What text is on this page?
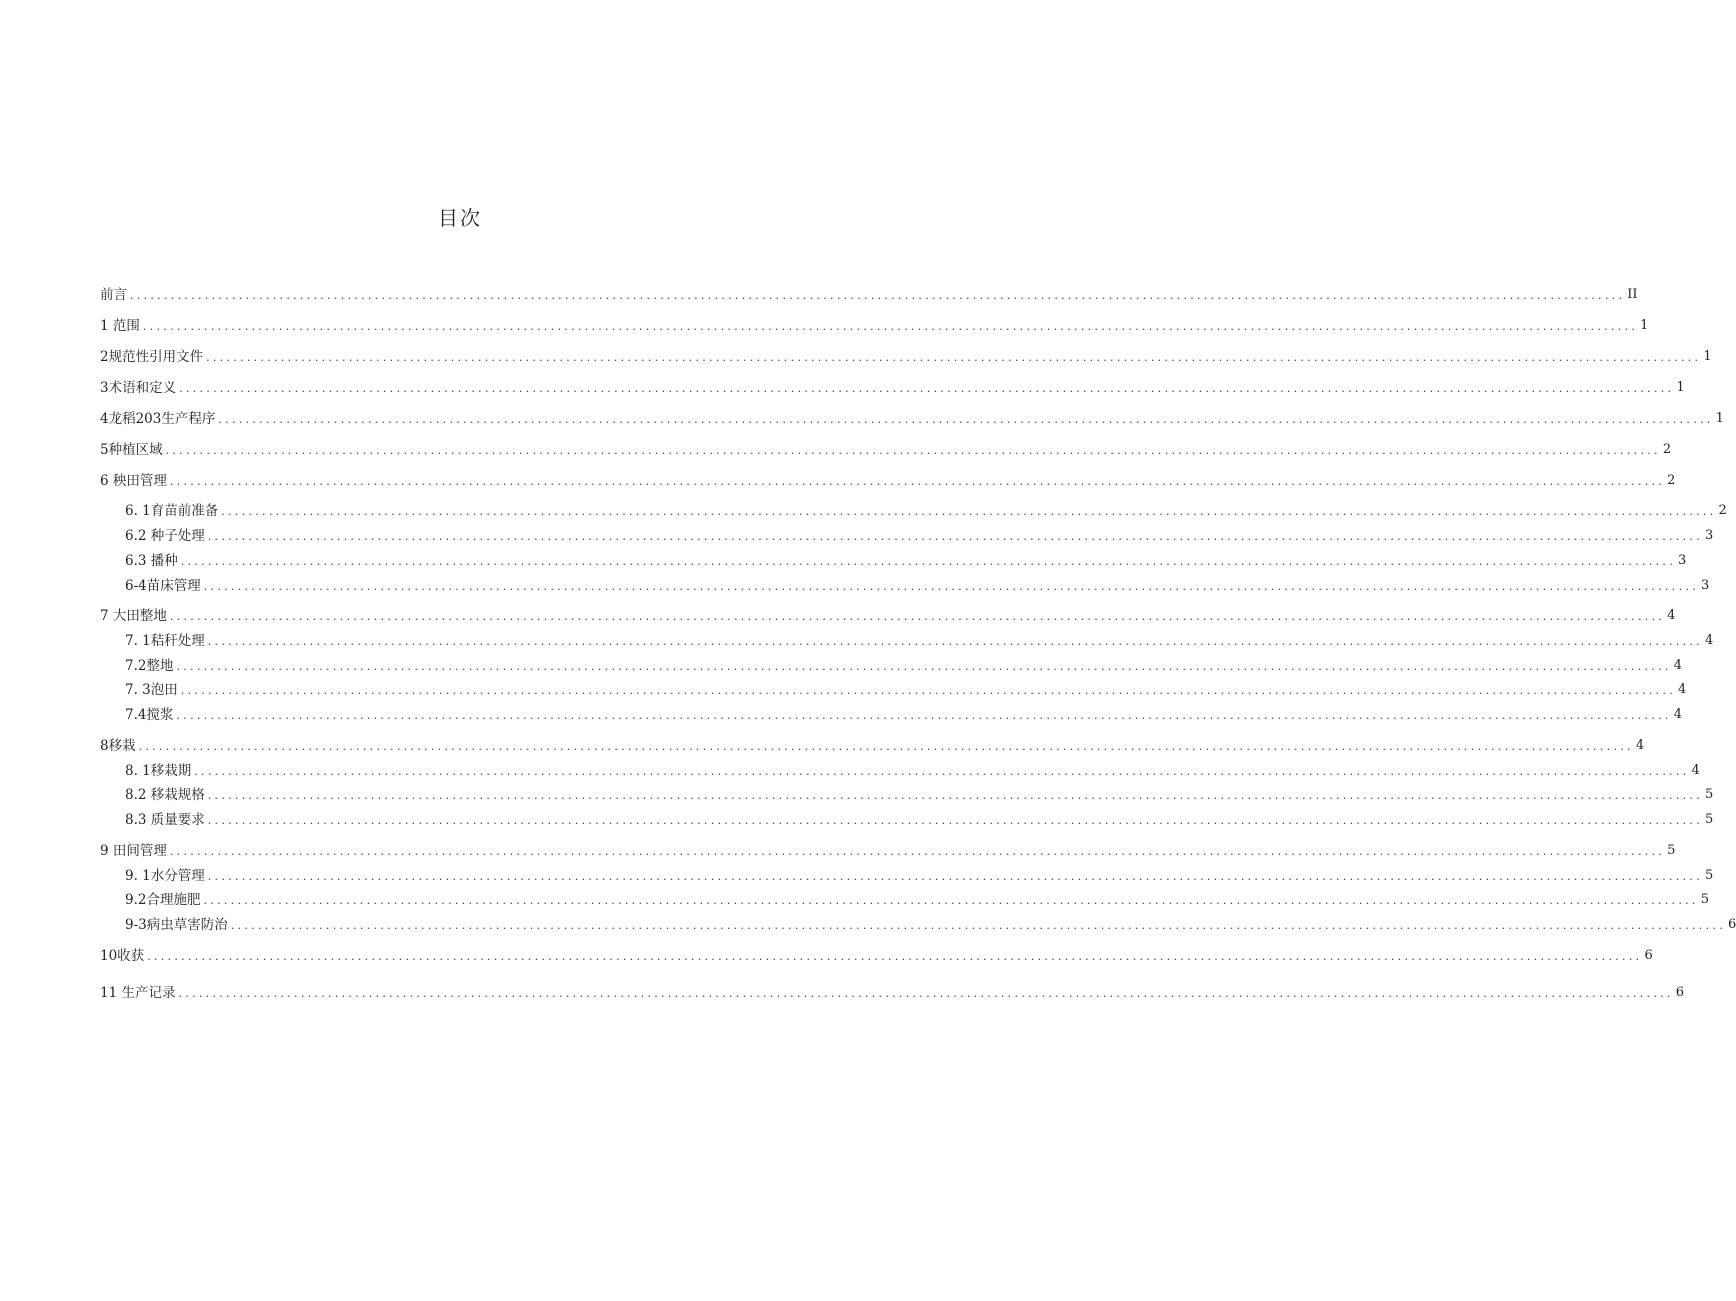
目次
前言 ............................................................................................................................................................................................................................ II
1 范围 ............................................................................................................................................................................................................................ 1
2规范性引用文件 ............................................................................................................................................................................................................................ 1
3术语和定义 ............................................................................................................................................................................................................................ 1
4龙稻203生产程序 ............................................................................................................................................................................................................................ 1
5种植区域 ............................................................................................................................................................................................................................ 2
6 秧田管理 ............................................................................................................................................................................................................................ 2
6. 1育苗前准备 ............................................................................................................................................................................................................................ 2
6.2 种子处理 ............................................................................................................................................................................................................................ 3
6.3 播种 ............................................................................................................................................................................................................................ 3
6-4苗床管理 ............................................................................................................................................................................................................................ 3
7 大田整地 ............................................................................................................................................................................................................................ 4
7. 1秸秆处理 ............................................................................................................................................................................................................................ 4
7.2整地 ............................................................................................................................................................................................................................ 4
7. 3泡田 ............................................................................................................................................................................................................................ 4
7.4搅浆 ............................................................................................................................................................................................................................ 4
8移栽 ............................................................................................................................................................................................................................ 4
8. 1移栽期 ............................................................................................................................................................................................................................ 4
8.2 移栽规格 ............................................................................................................................................................................................................................ 5
8.3 质量要求 ............................................................................................................................................................................................................................ 5
9 田间管理 ............................................................................................................................................................................................................................ 5
9. 1水分管理 ............................................................................................................................................................................................................................ 5
9.2合理施肥 ............................................................................................................................................................................................................................ 5
9-3病虫草害防治 ............................................................................................................................................................................................................................ 6
10收获 ............................................................................................................................................................................................................................ 6
11 生产记录 ............................................................................................................................................................................................................................ 6
